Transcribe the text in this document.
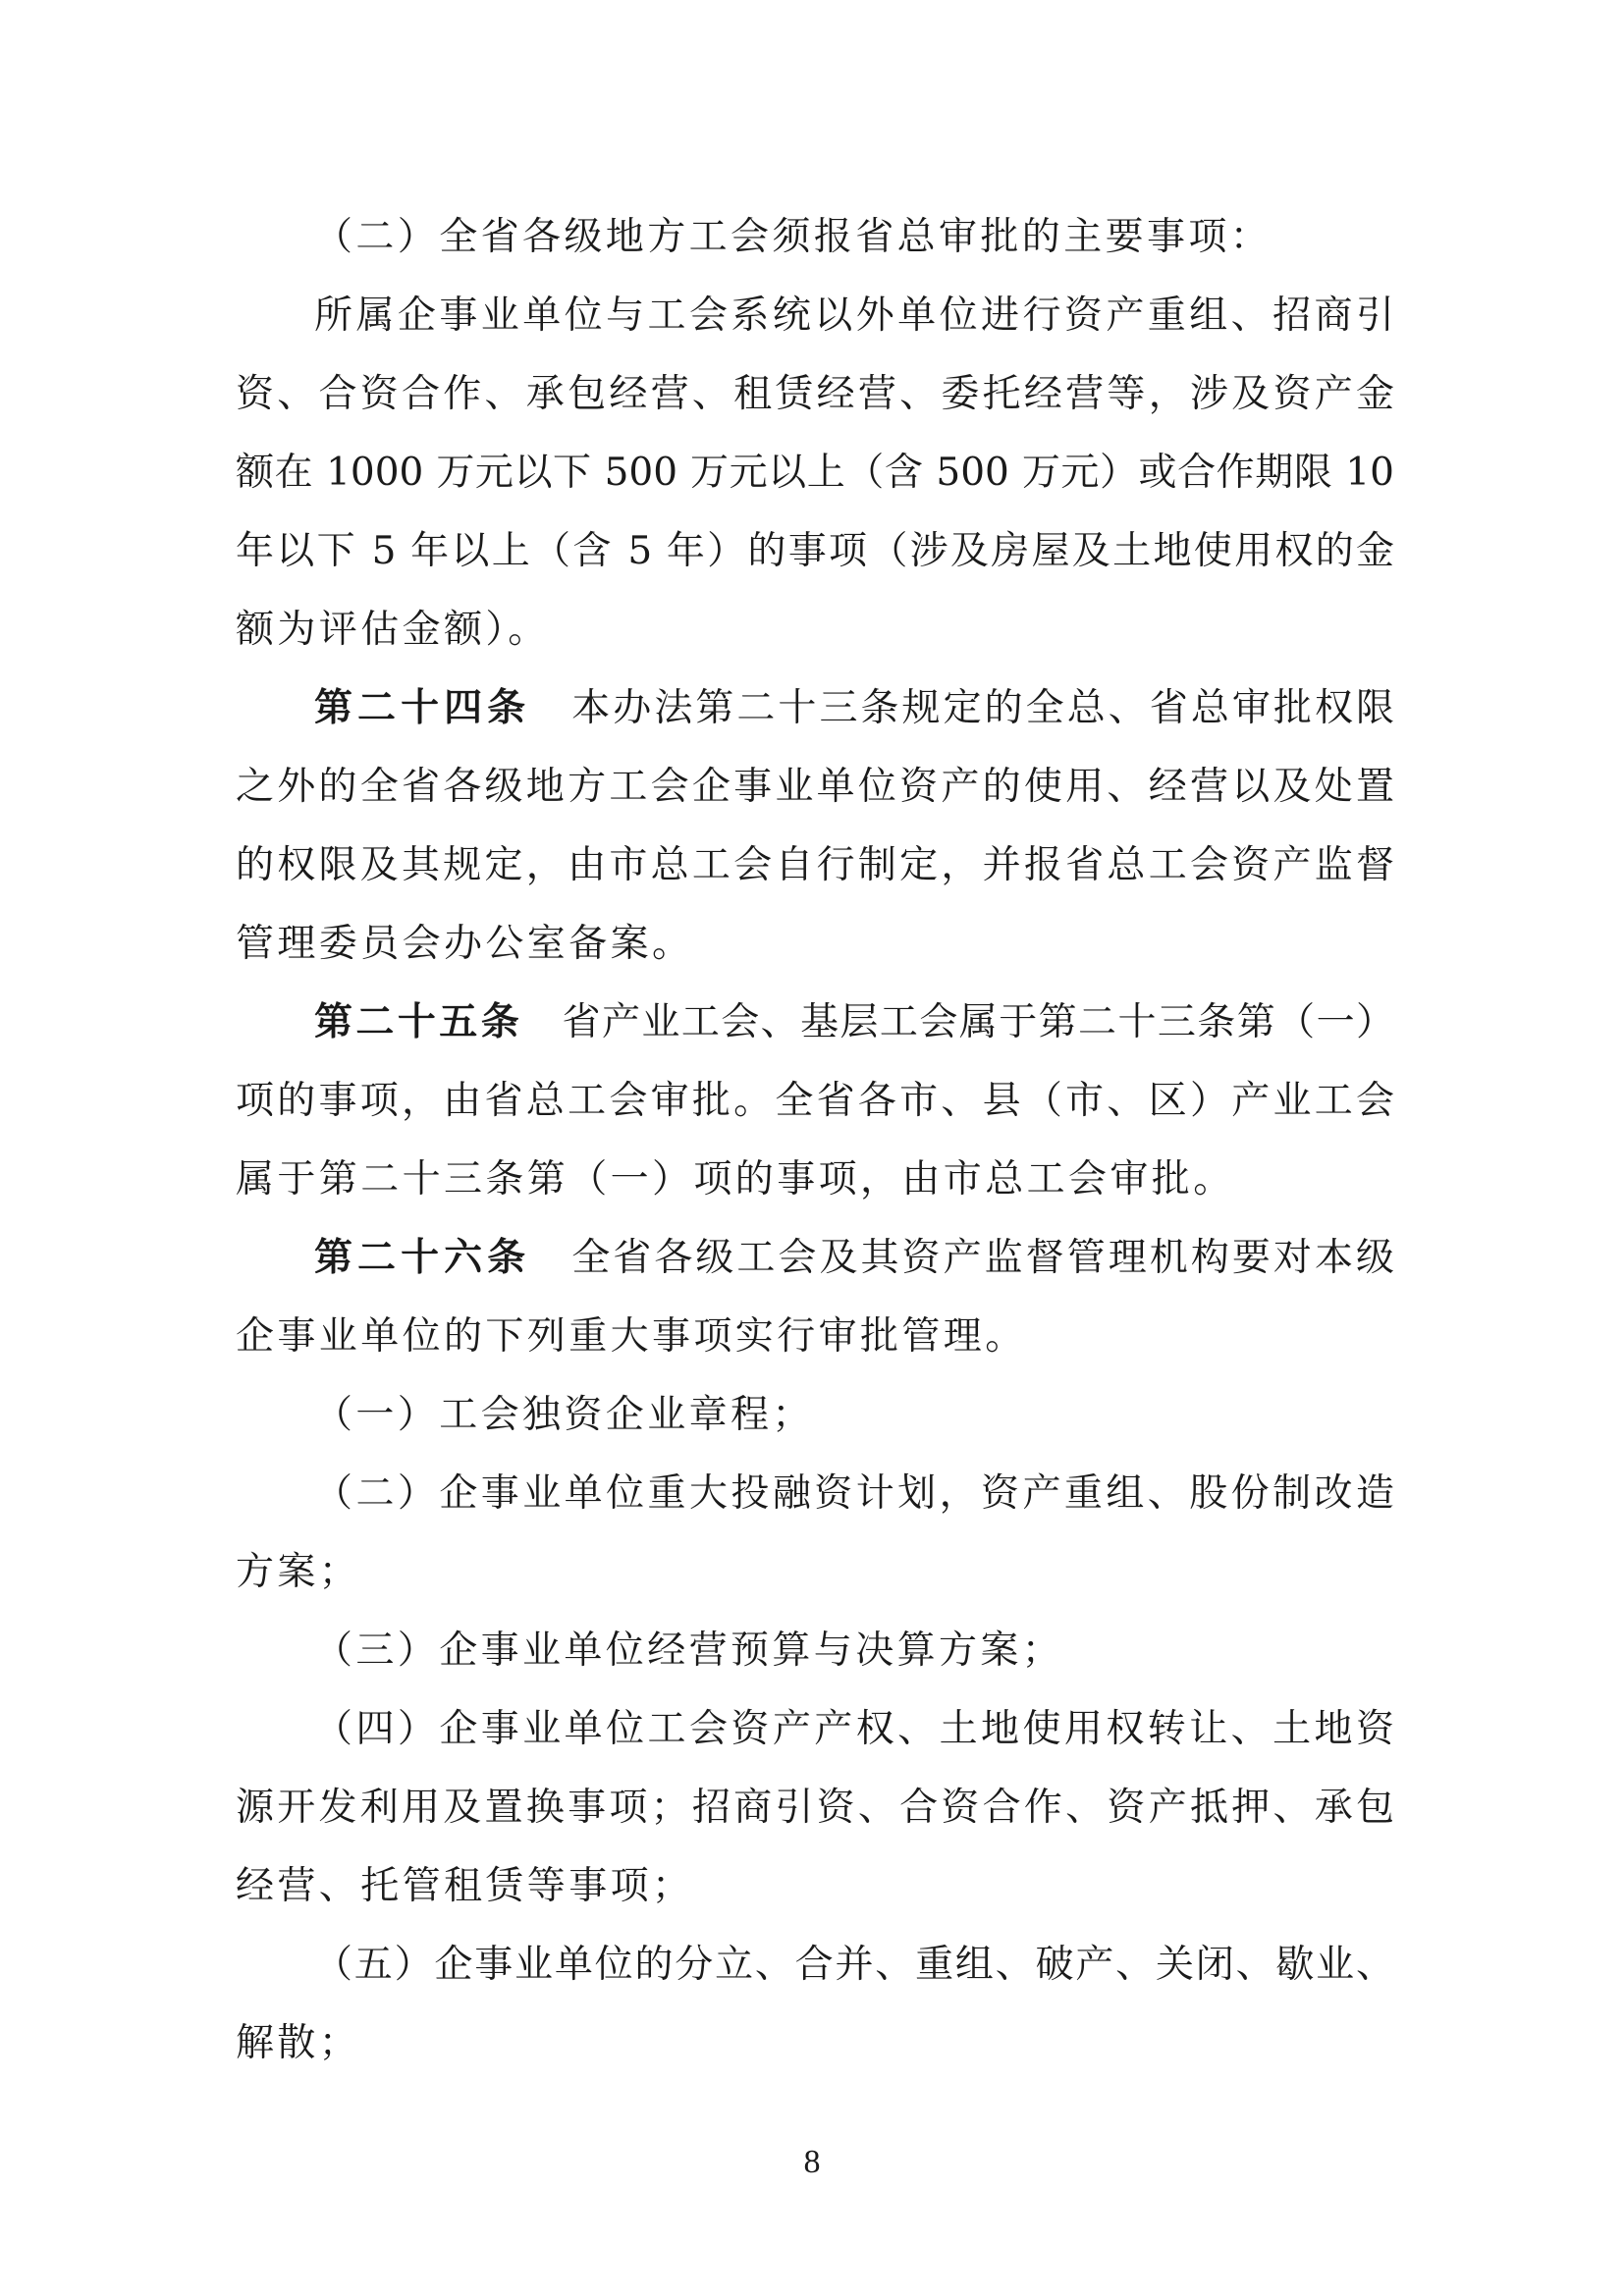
（二）全省各级地方工会须报省总审批的主要事项：
所属企事业单位与工会系统以外单位进行资产重组、招商引
资、合资合作、承包经营、租赁经营、委托经营等，涉及资产金
额在 1000 万元以下 500 万元以上（含 500 万元）或合作期限 10
年以下 5 年以上（含 5 年）的事项（涉及房屋及土地使用权的金
额为评估金额）。
第二十四条  本办法第二十三条规定的全总、省总审批权限
之外的全省各级地方工会企事业单位资产的使用、经营以及处置
的权限及其规定，由市总工会自行制定，并报省总工会资产监督
管理委员会办公室备案。
第二十五条  省产业工会、基层工会属于第二十三条第（一）
项的事项，由省总工会审批。全省各市、县（市、区）产业工会
属于第二十三条第（一）项的事项，由市总工会审批。
第二十六条  全省各级工会及其资产监督管理机构要对本级
企事业单位的下列重大事项实行审批管理。
（一）工会独资企业章程；
（二）企事业单位重大投融资计划，资产重组、股份制改造
方案；
（三）企事业单位经营预算与决算方案；
（四）企事业单位工会资产产权、土地使用权转让、土地资
源开发利用及置换事项；招商引资、合资合作、资产抵押、承包
经营、托管租赁等事项；
（五）企事业单位的分立、合并、重组、破产、关闭、歇业、
解散；
8
